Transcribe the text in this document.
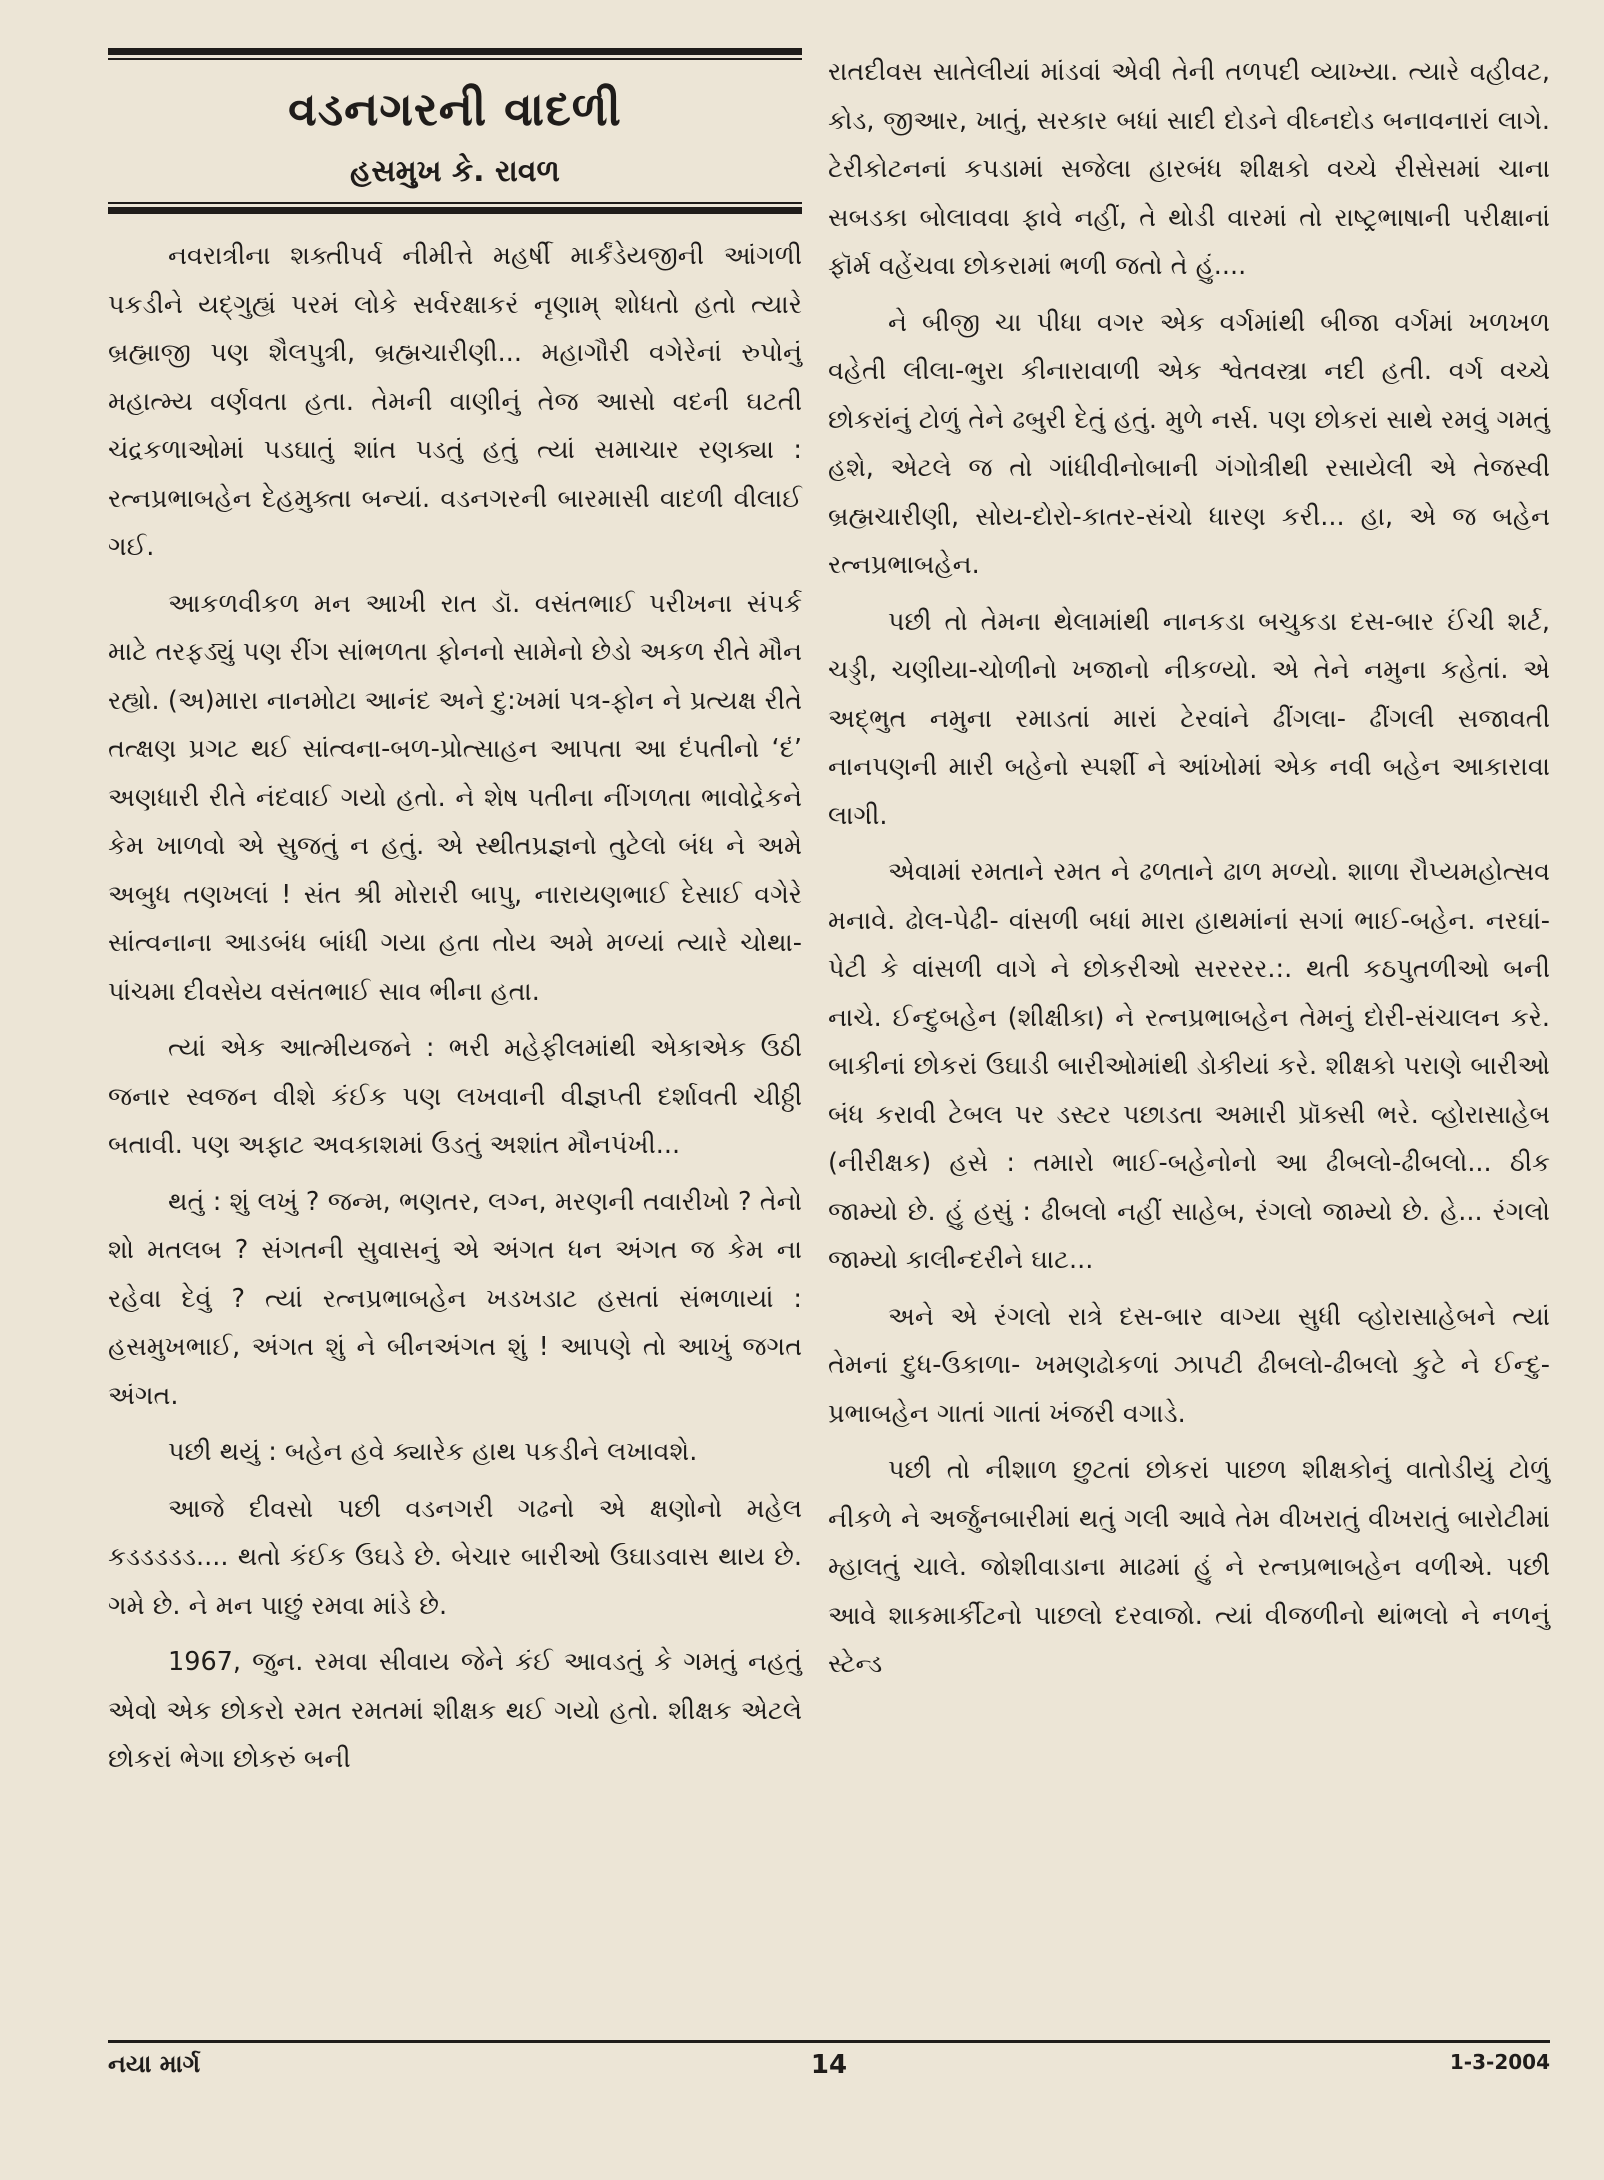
વડનગરની વાદળી
હસમુખ કે. રાવળ

નવરાત્રીના શક્તીપર્વ નીમીત્તે મહર્ષી માર્કંડેયજીની આંગળી પકડીને યદ્‌ગુહ્યં પરમં લોકે સર્વરક્ષાકરં નૃણામ્‌ શોધતો હતો ત્યારે બ્રહ્માજી પણ શૈલપુત્રી, બ્રહ્મચારીણી... મહાગૌરી વગેરેનાં રુપોનું મહાત્મ્ય વર્ણવતા હતા. તેમની વાણીનું તેજ આસો વદની ઘટતી ચંદ્રકળાઓમાં પડઘાતું શાંત પડતું હતું ત્યાં સમાચાર રણક્યા : રત્નપ્રભાબહેન દેહમુક્તા બન્યાં. વડનગરની બારમાસી વાદળી વીલાઈ ગઈ.

આકળવીકળ મન આખી રાત ડૉ. વસંતભાઈ પરીખના સંપર્ક માટે તરફડ્યું પણ રીંગ સાંભળતા ફોનનો સામેનો છેડો અકળ રીતે મૌન રહ્યો. (અ)મારા નાનમોટા આનંદ અને દુ:ખમાં પત્ર-ફોન ને પ્રત્યક્ષ રીતે તત્ક્ષણ પ્રગટ થઈ સાંત્વના-બળ-પ્રોત્સાહન આપતા આ દંપતીનો ‘દં’ અણધારી રીતે નંદવાઈ ગયો હતો. ને શેષ પતીના નીંગળતા ભાવોદ્રેકને કેમ ખાળવો એ સુજતું ન હતું. એ સ્થીતપ્રજ્ઞનો તુટેલો બંધ ને અમે અબુધ તણખલાં ! સંત શ્રી મોરારી બાપુ, નારાયણભાઈ દેસાઈ વગેરે સાંત્વનાના આડબંધ બાંધી ગયા હતા તોય અમે મળ્યાં ત્યારે ચોથા-પાંચમા દીવસેય વસંતભાઈ સાવ ભીના હતા.

ત્યાં એક આત્મીયજને : ભરી મહેફીલમાંથી એકાએક ઉઠી જનાર સ્વજન વીશે કંઈક પણ લખવાની વીજ્ઞપ્તી દર્શાવતી ચીઠ્ઠી બતાવી. પણ અફાટ અવકાશમાં ઉડતું અશાંત મૌનપંખી...

થતું : શું લખું ? જન્મ, ભણતર, લગ્ન, મરણની તવારીખો ? તેનો શો મતલબ ? સંગતની સુવાસનું એ અંગત ધન અંગત જ કેમ ના રહેવા દેવું ? ત્યાં રત્નપ્રભાબહેન ખડખડાટ હસતાં સંભળાયાં : હસમુખભાઈ, અંગત શું ને બીનઅંગત શું ! આપણે તો આખું જગત અંગત.

પછી થયું : બહેન હવે ક્યારેક હાથ પકડીને લખાવશે.

આજે દીવસો પછી વડનગરી ગઢનો એ ક્ષણોનો મહેલ કડડડડડ.... થતો કંઈક ઉઘડે છે. બેચાર બારીઓ ઉઘાડવાસ થાય છે. ગમે છે. ને મન પાછું રમવા માંડે છે.

1967, જુન. રમવા સીવાય જેને કંઈ આવડતું કે ગમતું નહતું એવો એક છોકરો રમત રમતમાં શીક્ષક થઈ ગયો હતો. શીક્ષક એટલે છોકરાં ભેગા છોકરું બની

રાતદીવસ સાતેલીયાં માંડવાં એવી તેની તળપદી વ્યાખ્યા. ત્યારે વહીવટ, કોડ, જીઆર, ખાતું, સરકાર બધાં સાદી દોડને વીઘ્નદોડ બનાવનારાં લાગે. ટેરીકોટનનાં કપડામાં સજેલા હારબંધ શીક્ષકો વચ્ચે રીસેસમાં ચાના સબડકા બોલાવવા ફાવે નહીં, તે થોડી વારમાં તો રાષ્ટ્રભાષાની પરીક્ષાનાં ફૉર્મ વહેંચવા છોકરામાં ભળી જતો તે હું....

ને બીજી ચા પીધા વગર એક વર્ગમાંથી બીજા વર્ગમાં ખળખળ વહેતી લીલા-ભુરા કીનારાવાળી એક શ્વેતવસ્ત્રા નદી હતી. વર્ગ વચ્ચે છોકરાંનું ટોળું તેને ઢબુરી દેતું હતું. મુળે નર્સ. પણ છોકરાં સાથે રમવું ગમતું હશે, એટલે જ તો ગાંધીવીનોબાની ગંગોત્રીથી રસાયેલી એ તેજસ્વી બ્રહ્મચારીણી, સોય-દોરો-કાતર-સંચો ધારણ કરી... હા, એ જ બહેન રત્નપ્રભાબહેન.

પછી તો તેમના થેલામાંથી નાનકડા બચુકડા દસ-બાર ઈંચી શર્ટ, ચડ્ડી, ચણીયા-ચોળીનો ખજાનો નીકળ્યો. એ તેને નમુના કહેતાં. એ અદ્‌ભુત નમુના રમાડતાં મારાં ટેરવાંને ઢીંગલા- ઢીંગલી સજાવતી નાનપણની મારી બહેનો સ્પર્શી ને આંખોમાં એક નવી બહેન આકારાવા લાગી.

એવામાં રમતાને રમત ને ઢળતાને ઢાળ મળ્યો. શાળા રૌપ્યમહોત્સવ મનાવે. ઢોલ-પેઢી- વાંસળી બધાં મારા હાથમાંનાં સગાં ભાઈ-બહેન. નરઘાં-પેટી કે વાંસળી વાગે ને છોકરીઓ સરરરર.:. થતી કઠપુતળીઓ બની નાચે. ઈન્દુબહેન (શીક્ષીકા) ને રત્નપ્રભાબહેન તેમનું દોરી-સંચાલન કરે. બાકીનાં છોકરાં ઉઘાડી બારીઓમાંથી ડોકીયાં કરે. શીક્ષકો પરાણે બારીઓ બંધ કરાવી ટેબલ પર ડસ્ટર પછાડતા અમારી પ્રૉક્સી ભરે. વ્હોરાસાહેબ (નીરીક્ષક) હસે : તમારો ભાઈ-બહેનોનો આ ઢીબલો-ઢીબલો... ઠીક જામ્યો છે. હું હસું : ઢીબલો નહીં સાહેબ, રંગલો જામ્યો છે. હે... રંગલો જામ્યો કાલીન્દરીને ઘાટ...

અને એ રંગલો રાત્રે દસ-બાર વાગ્યા સુધી વ્હોરાસાહેબને ત્યાં તેમનાં દુધ-ઉકાળા- ખમણઢોકળાં ઝાપટી ઢીબલો-ઢીબલો કુટે ને ઈન્દુ-પ્રભાબહેન ગાતાં ગાતાં ખંજરી વગાડે.

પછી તો નીશાળ છુટતાં છોકરાં પાછળ શીક્ષકોનું વાતોડીયું ટોળું નીકળે ને અર્જુનબારીમાં થતું ગલી આવે તેમ વીખરાતું વીખરાતું બારોટીમાં મ્હાલતું ચાલે. જોશીવાડાના માઢમાં હું ને રત્નપ્રભાબહેન વળીએ. પછી આવે શાકમાર્કીટનો પાછલો દરવાજો. ત્યાં વીજળીનો થાંભલો ને નળનું સ્ટેન્ડ

નયા માર્ગ	14	1-3-2004
